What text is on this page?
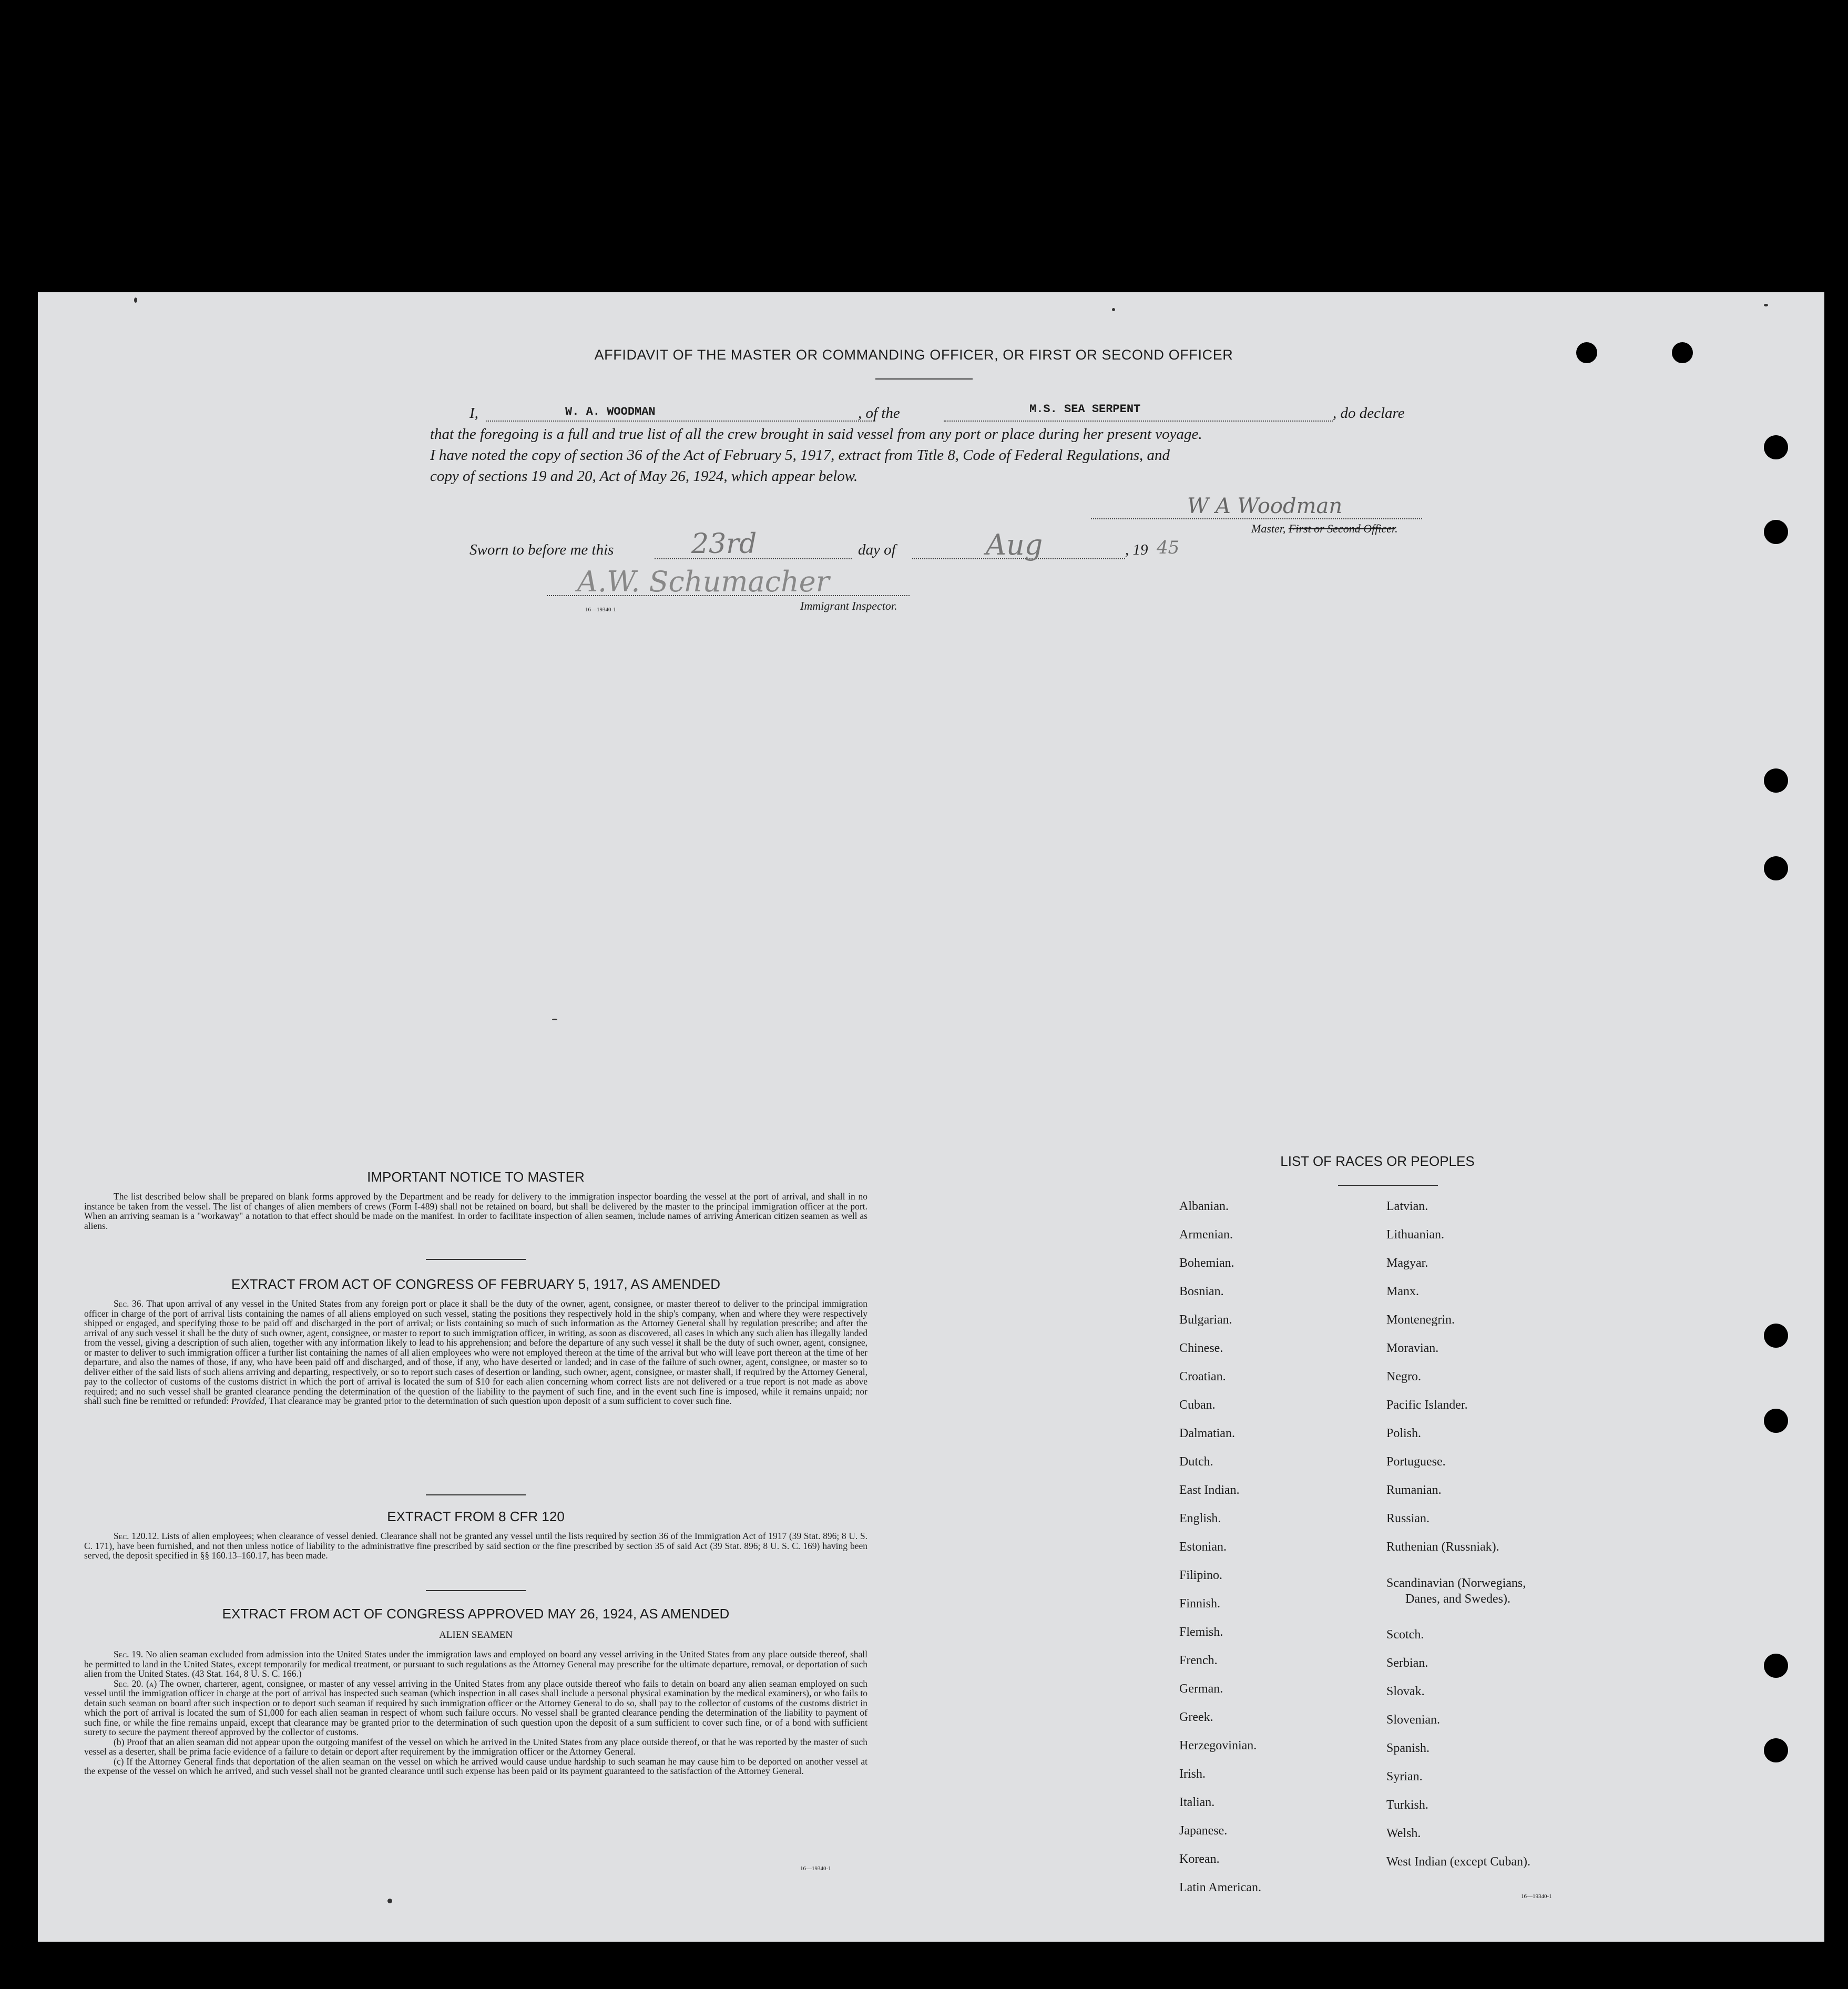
AFFIDAVIT OF THE MASTER OR COMMANDING OFFICER, OR FIRST OR SECOND OFFICER
I,	W. A. WOODMAN	, of the	M.S. SEA SERPENT	, do declare
that the foregoing is a full and true list of all the crew brought in said vessel from any port or place during her present voyage.
I have noted the copy of section 36 of the Act of February 5, 1917, extract from Title 8, Code of Federal Regulations, and
copy of sections 19 and 20, Act of May 26, 1924, which appear below.
W A Woodman
Master, First or Second Officer.
Sworn to before me this	23rd	day of	Aug	, 19 45
A.W. Schumacher
16—19340-1	Immigrant Inspector.
IMPORTANT NOTICE TO MASTER
The list described below shall be prepared on blank forms approved by the Department and be ready for delivery to the immigration inspector boarding the vessel at the port of arrival, and shall in no instance be taken from the vessel. The list of changes of alien members of crews (Form I-489) shall not be retained on board, but shall be delivered by the master to the principal immigration officer at the port. When an arriving seaman is a "workaway" a notation to that effect should be made on the manifest. In order to facilitate inspection of alien seamen, include names of arriving American citizen seamen as well as aliens.
EXTRACT FROM ACT OF CONGRESS OF FEBRUARY 5, 1917, AS AMENDED
Sec. 36. That upon arrival of any vessel in the United States from any foreign port or place it shall be the duty of the owner, agent, consignee, or master thereof to deliver to the principal immigration officer in charge of the port of arrival lists containing the names of all aliens employed on such vessel, stating the positions they respectively hold in the ship's company, when and where they were respectively shipped or engaged, and specifying those to be paid off and discharged in the port of arrival; or lists containing so much of such information as the Attorney General shall by regulation prescribe; and after the arrival of any such vessel it shall be the duty of such owner, agent, consignee, or master to report to such immigration officer, in writing, as soon as discovered, all cases in which any such alien has illegally landed from the vessel, giving a description of such alien, together with any information likely to lead to his apprehension; and before the departure of any such vessel it shall be the duty of such owner, agent, consignee, or master to deliver to such immigration officer a further list containing the names of all alien employees who were not employed thereon at the time of the arrival but who will leave port thereon at the time of her departure, and also the names of those, if any, who have been paid off and discharged, and of those, if any, who have deserted or landed; and in case of the failure of such owner, agent, consignee, or master so to deliver either of the said lists of such aliens arriving and departing, respectively, or so to report such cases of desertion or landing, such owner, agent, consignee, or master shall, if required by the Attorney General, pay to the collector of customs of the customs district in which the port of arrival is located the sum of $10 for each alien concerning whom correct lists are not delivered or a true report is not made as above required; and no such vessel shall be granted clearance pending the determination of the question of the liability to the payment of such fine, and in the event such fine is imposed, while it remains unpaid; nor shall such fine be remitted or refunded: Provided, That clearance may be granted prior to the determination of such question upon deposit of a sum sufficient to cover such fine.
EXTRACT FROM 8 CFR 120
Sec. 120.12. Lists of alien employees; when clearance of vessel denied. Clearance shall not be granted any vessel until the lists required by section 36 of the Immigration Act of 1917 (39 Stat. 896; 8 U. S. C. 171), have been furnished, and not then unless notice of liability to the administrative fine prescribed by said section or the fine prescribed by section 35 of said Act (39 Stat. 896; 8 U. S. C. 169) having been served, the deposit specified in §§ 160.13–160.17, has been made.
EXTRACT FROM ACT OF CONGRESS APPROVED MAY 26, 1924, AS AMENDED
ALIEN SEAMEN
Sec. 19. No alien seaman excluded from admission into the United States under the immigration laws and employed on board any vessel arriving in the United States from any place outside thereof, shall be permitted to land in the United States, except temporarily for medical treatment, or pursuant to such regulations as the Attorney General may prescribe for the ultimate departure, removal, or deportation of such alien from the United States. (43 Stat. 164, 8 U. S. C. 166.)
Sec. 20. (a) The owner, charterer, agent, consignee, or master of any vessel arriving in the United States from any place outside thereof who fails to detain on board any alien seaman employed on such vessel until the immigration officer in charge at the port of arrival has inspected such seaman (which inspection in all cases shall include a personal physical examination by the medical examiners), or who fails to detain such seaman on board after such inspection or to deport such seaman if required by such immigration officer or the Attorney General to do so, shall pay to the collector of customs of the customs district in which the port of arrival is located the sum of $1,000 for each alien seaman in respect of whom such failure occurs. No vessel shall be granted clearance pending the determination of the liability to payment of such fine, or while the fine remains unpaid, except that clearance may be granted prior to the determination of such question upon the deposit of a sum sufficient to cover such fine, or of a bond with sufficient surety to secure the payment thereof approved by the collector of customs.
(b) Proof that an alien seaman did not appear upon the outgoing manifest of the vessel on which he arrived in the United States from any place outside thereof, or that he was reported by the master of such vessel as a deserter, shall be prima facie evidence of a failure to detain or deport after requirement by the immigration officer or the Attorney General.
(c) If the Attorney General finds that deportation of the alien seaman on the vessel on which he arrived would cause undue hardship to such seaman he may cause him to be deported on another vessel at the expense of the vessel on which he arrived, and such vessel shall not be granted clearance until such expense has been paid or its payment guaranteed to the satisfaction of the Attorney General.
16—19340-1
LIST OF RACES OR PEOPLES
Albanian.
Armenian.
Bohemian.
Bosnian.
Bulgarian.
Chinese.
Croatian.
Cuban.
Dalmatian.
Dutch.
East Indian.
English.
Estonian.
Filipino.
Finnish.
Flemish.
French.
German.
Greek.
Herzegovinian.
Irish.
Italian.
Japanese.
Korean.
Latin American.
Latvian.
Lithuanian.
Magyar.
Manx.
Montenegrin.
Moravian.
Negro.
Pacific Islander.
Polish.
Portuguese.
Rumanian.
Russian.
Ruthenian (Russniak).
Scandinavian (Norwegians,
Danes, and Swedes).
Scotch.
Serbian.
Slovak.
Slovenian.
Spanish.
Syrian.
Turkish.
Welsh.
West Indian (except Cuban).
16—19340-1
